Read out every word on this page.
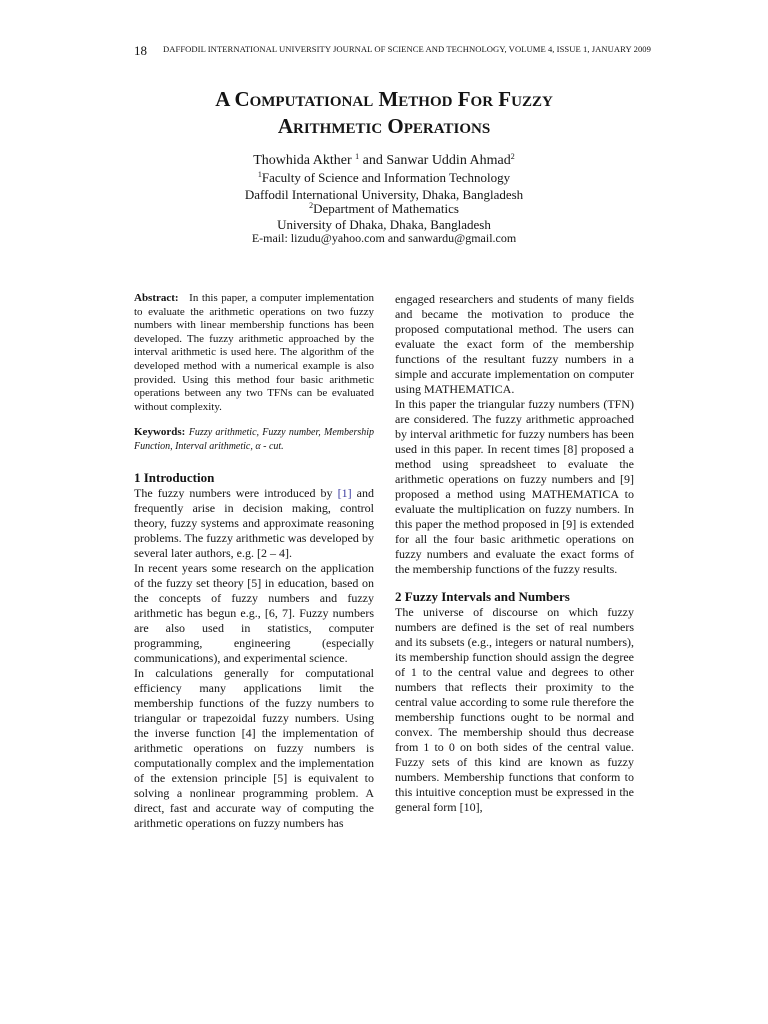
18 DAFFODIL INTERNATIONAL UNIVERSITY JOURNAL OF SCIENCE AND TECHNOLOGY, VOLUME 4, ISSUE 1, JANUARY 2009
A Computational Method For Fuzzy
Arithmetic Operations
Thowhida Akther $^1$ and Sanwar Uddin Ahmad$^2$
$^1$Faculty of Science and Information Technology
Daffodil International University, Dhaka, Bangladesh
$^2$Department of Mathematics
University of Dhaka, Dhaka, Bangladesh
E-mail: lizudu@yahoo.com and sanwardu@gmail.com

Abstract: In this paper, a computer implementation to evaluate the arithmetic operations on two fuzzy numbers with linear membership functions has been developed. The fuzzy arithmetic approached by the interval arithmetic is used here. The algorithm of the developed method with a numerical example is also provided. Using this method four basic arithmetic operations between any two TFNs can be evaluated without complexity.

Keywords: Fuzzy arithmetic, Fuzzy number, Membership Function, Interval arithmetic, α - cut.

1 Introduction

The fuzzy numbers were introduced by [1] and frequently arise in decision making, control theory, fuzzy systems and approximate reasoning problems. The fuzzy arithmetic was developed by several later authors, e.g. [2 – 4].

In recent years some research on the application of the fuzzy set theory [5] in education, based on the concepts of fuzzy numbers and fuzzy arithmetic has begun e.g., [6, 7]. Fuzzy numbers are also used in statistics, computer programming, engineering (especially communications), and experimental science.

In calculations generally for computational efficiency many applications limit the membership functions of the fuzzy numbers to triangular or trapezoidal fuzzy numbers. Using the inverse function [4] the implementation of arithmetic operations on fuzzy numbers is computationally complex and the implementation of the extension principle [5] is equivalent to solving a nonlinear programming problem. A direct, fast and accurate way of computing the arithmetic operations on fuzzy numbers has

engaged researchers and students of many fields and became the motivation to produce the proposed computational method. The users can evaluate the exact form of the membership functions of the resultant fuzzy numbers in a simple and accurate implementation on computer using MATHEMATICA.

In this paper the triangular fuzzy numbers (TFN) are considered. The fuzzy arithmetic approached by interval arithmetic for fuzzy numbers has been used in this paper. In recent times [8] proposed a method using spreadsheet to evaluate the arithmetic operations on fuzzy numbers and [9] proposed a method using MATHEMATICA to evaluate the multiplication on fuzzy numbers. In this paper the method proposed in [9] is extended for all the four basic arithmetic operations on fuzzy numbers and evaluate the exact forms of the membership functions of the fuzzy results.

2 Fuzzy Intervals and Numbers

The universe of discourse on which fuzzy numbers are defined is the set of real numbers and its subsets (e.g., integers or natural numbers), its membership function should assign the degree of 1 to the central value and degrees to other numbers that reflects their proximity to the central value according to some rule therefore the membership functions ought to be normal and convex. The membership should thus decrease from 1 to 0 on both sides of the central value. Fuzzy sets of this kind are known as fuzzy numbers. Membership functions that conform to this intuitive conception must be expressed in the general form [10],
